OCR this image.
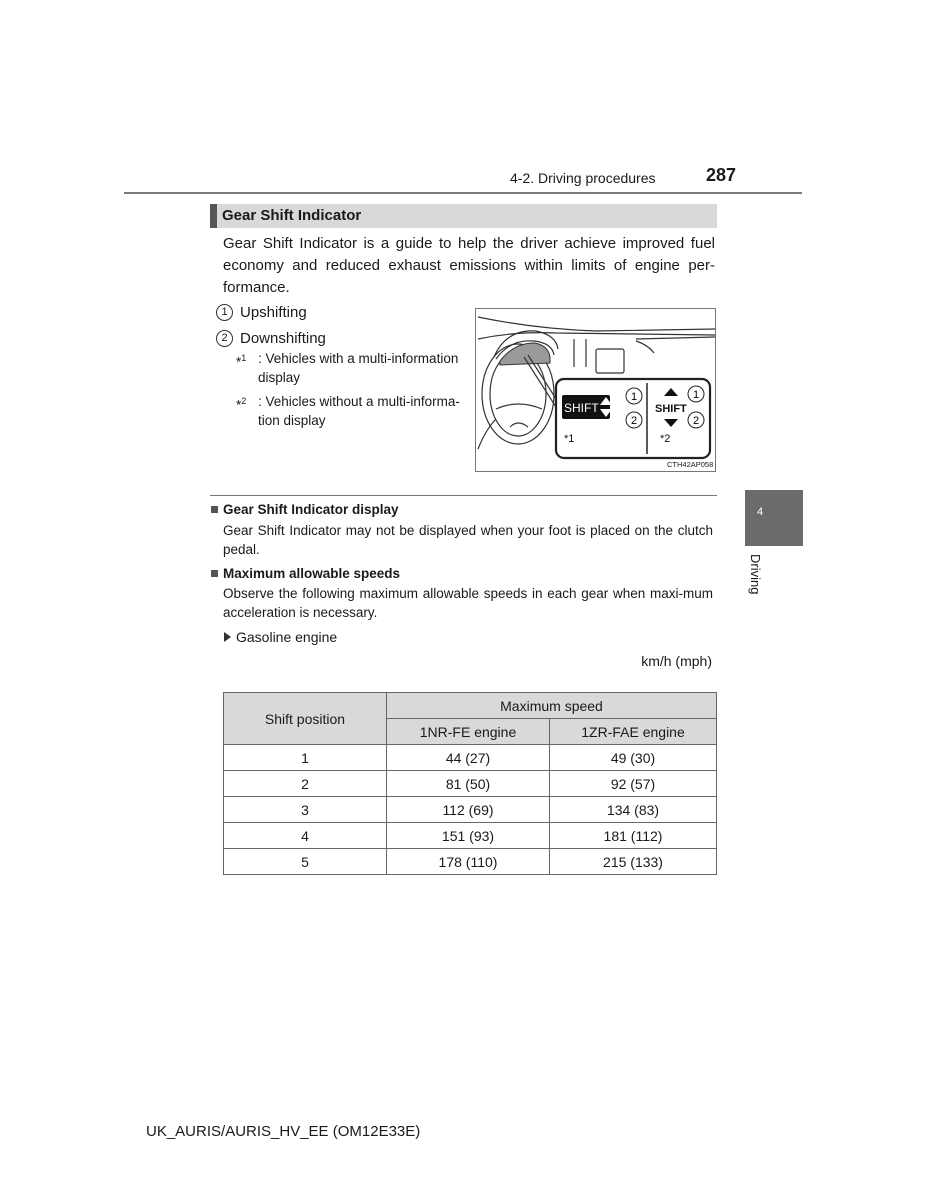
4-2. Driving procedures	287
Gear Shift Indicator
Gear Shift Indicator is a guide to help the driver achieve improved fuel economy and reduced exhaust emissions within limits of engine per-formance.
1 Upshifting
2 Downshifting
*$^1$ : Vehicles with a multi-information display
*$^2$ : Vehicles without a multi-informa-tion display
SHIFT
1
2
*1
SHIFT
1
2
*2
CTH42AP058
Gear Shift Indicator display
Gear Shift Indicator may not be displayed when your foot is placed on the clutch pedal.
Maximum allowable speeds
Observe the following maximum allowable speeds in each gear when maxi-mum acceleration is necessary.
Gasoline engine
km/h (mph)
Shift position	Maximum speed	
	1NR-FE engine	1ZR-FAE engine
1	44 (27)	49 (30)
2	81 (50)	92 (57)
3	112 (69)	134 (83)
4	151 (93)	181 (112)
5	178 (110)	215 (133)
4
Driving
UK_AURIS/AURIS_HV_EE (OM12E33E)
